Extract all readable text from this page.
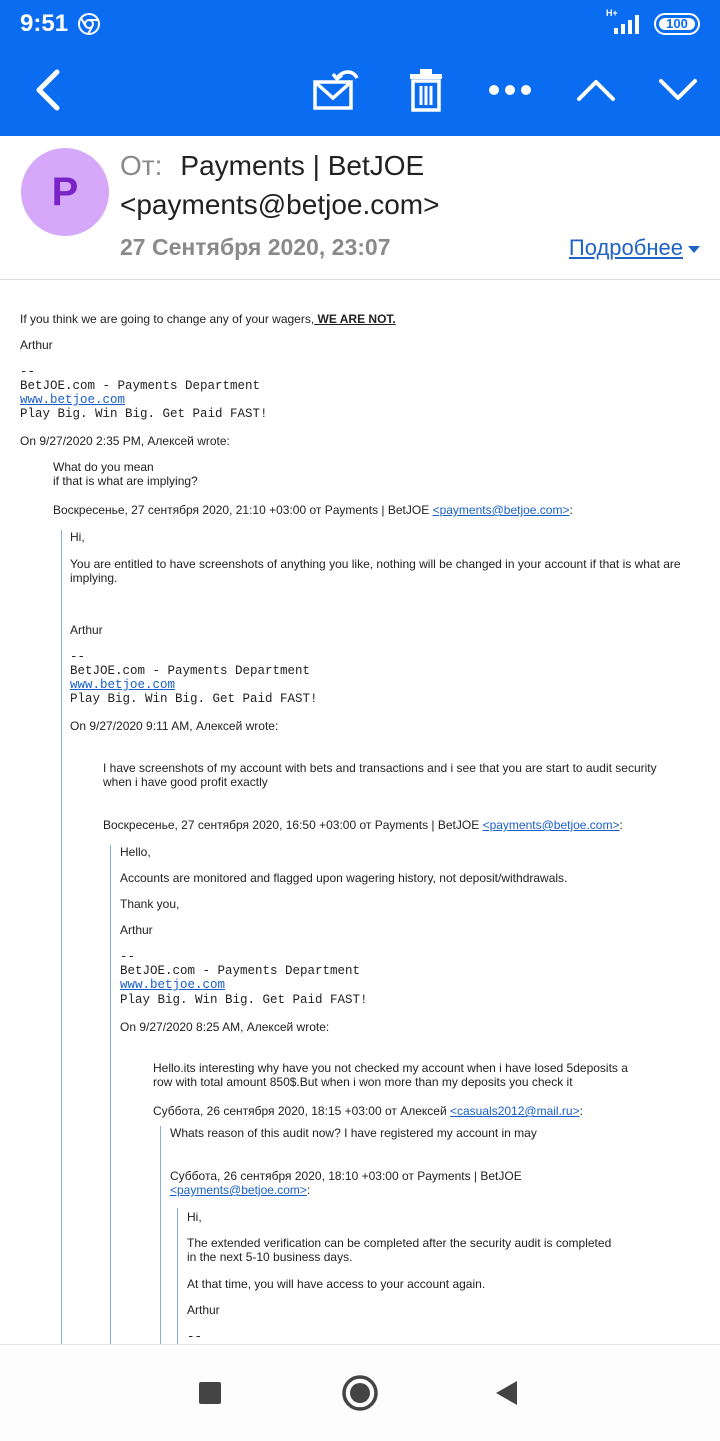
9:51	H+
100
P
От: Payments | BetJOE
<payments@betjoe.com>
27 Сентября 2020, 23:07	Подробнее
If you think we are going to change any of your wagers, WE ARE NOT.
Arthur
--
BetJOE.com - Payments Department
www.betjoe.com
Play Big. Win Big. Get Paid FAST!
On 9/27/2020 2:35 PM, Алексей wrote:
What do you mean
if that is what are implying?
Воскресенье, 27 сентября 2020, 21:10 +03:00 от Payments | BetJOE <payments@betjoe.com>:
Hi,
You are entitled to have screenshots of anything you like, nothing will be changed in your account if that is what are
implying.
Arthur
--
BetJOE.com - Payments Department
www.betjoe.com
Play Big. Win Big. Get Paid FAST!
On 9/27/2020 9:11 AM, Алексей wrote:
I have screenshots of my account with bets and transactions and i see that you are start to audit security
when i have good profit exactly
Воскресенье, 27 сентября 2020, 16:50 +03:00 от Payments | BetJOE <payments@betjoe.com>:
Hello,
Accounts are monitored and flagged upon wagering history, not deposit/withdrawals.
Thank you,
Arthur
--
BetJOE.com - Payments Department
www.betjoe.com
Play Big. Win Big. Get Paid FAST!
On 9/27/2020 8:25 AM, Алексей wrote:
Hello.its interesting why have you not checked my account when i have losed 5deposits a
row with total amount 850$.But when i won more than my deposits you check it
Суббота, 26 сентября 2020, 18:15 +03:00 от Алексей <casuals2012@mail.ru>:
Whats reason of this audit now? I have registered my account in may
Суббота, 26 сентября 2020, 18:10 +03:00 от Payments | BetJOE
<payments@betjoe.com>:
Hi,
The extended verification can be completed after the security audit is completed
in the next 5-10 business days.
At that time, you will have access to your account again.
Arthur
--
